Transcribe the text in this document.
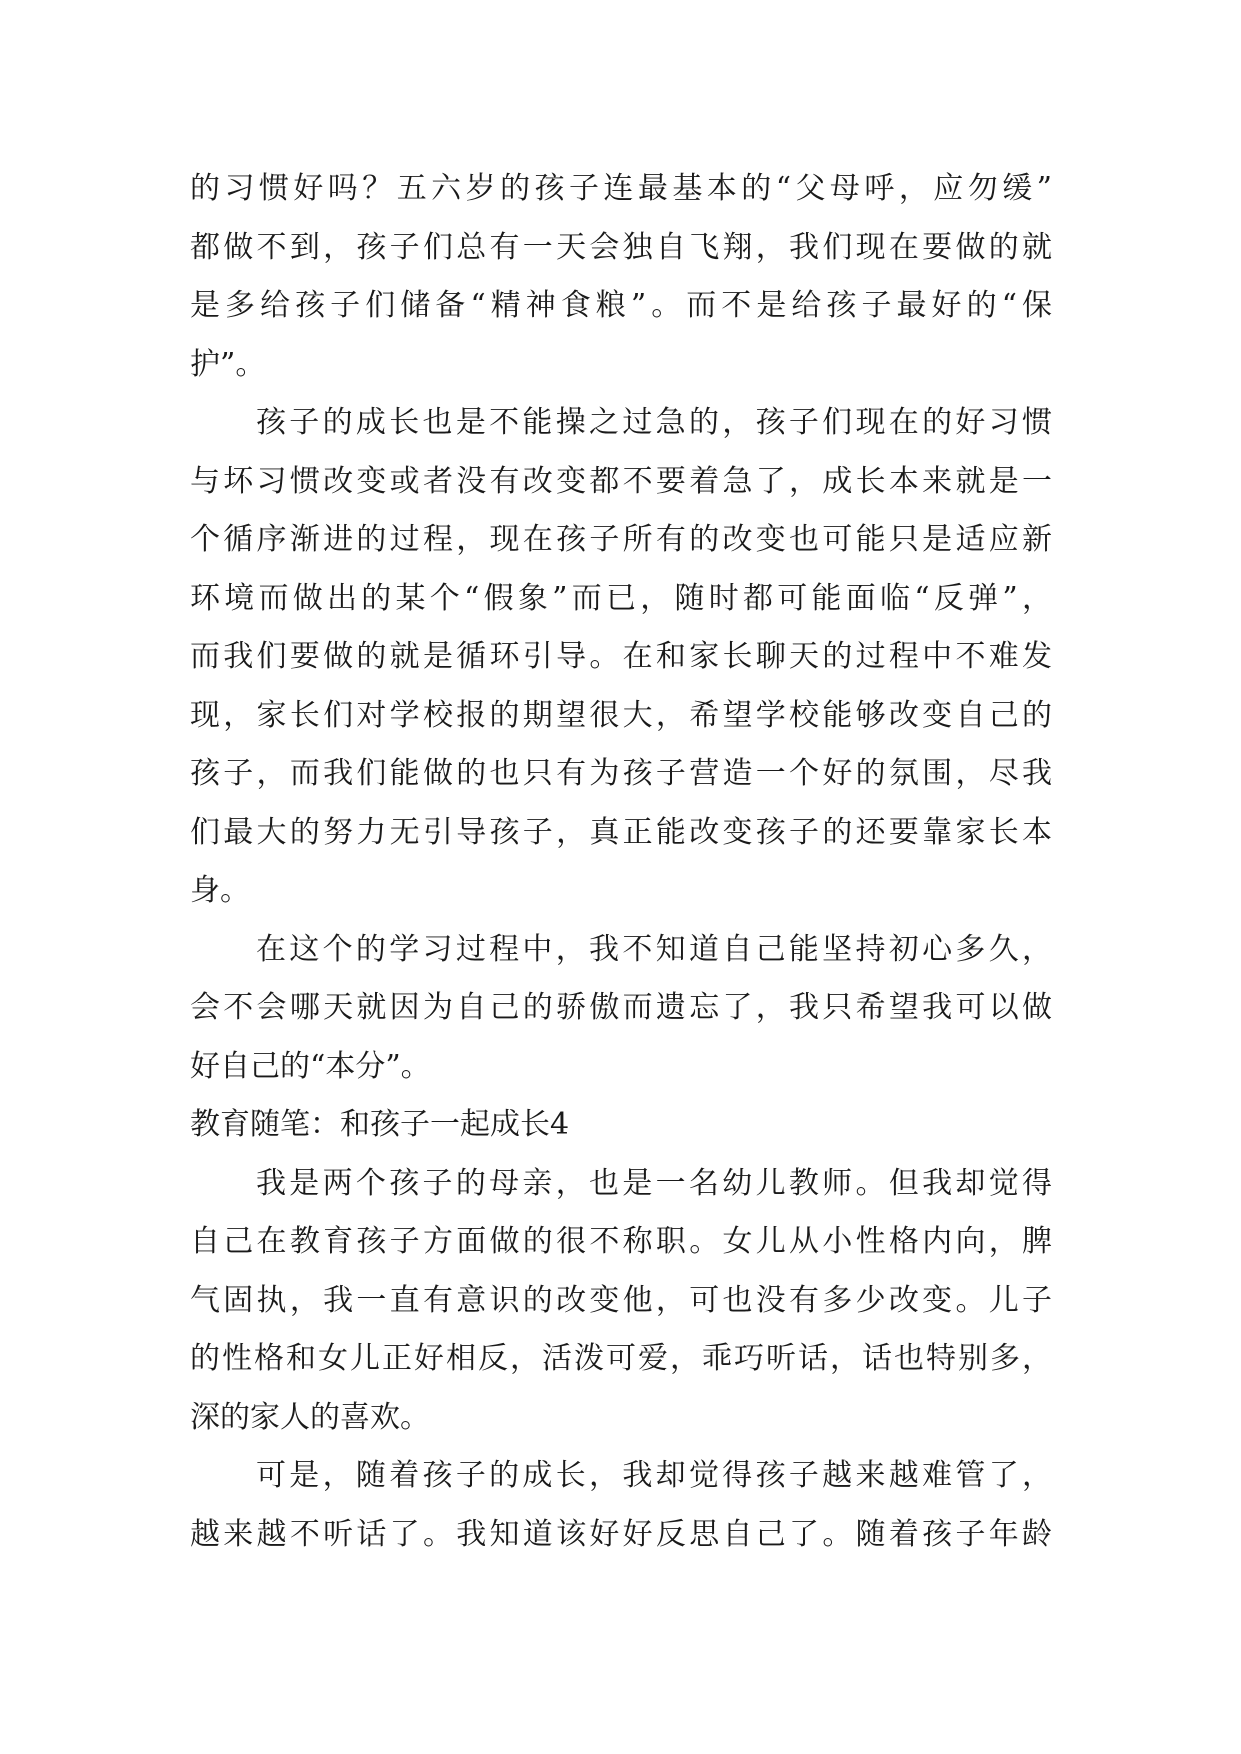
的习惯好吗？五六岁的孩子连最基本的“父母呼，应勿缓”
都做不到，孩子们总有一天会独自飞翔，我们现在要做的就
是多给孩子们储备“精神食粮”。而不是给孩子最好的“保
护”。
孩子的成长也是不能操之过急的，孩子们现在的好习惯
与坏习惯改变或者没有改变都不要着急了，成长本来就是一
个循序渐进的过程，现在孩子所有的改变也可能只是适应新
环境而做出的某个“假象”而已，随时都可能面临“反弹”，
而我们要做的就是循环引导。在和家长聊天的过程中不难发
现，家长们对学校报的期望很大，希望学校能够改变自己的
孩子，而我们能做的也只有为孩子营造一个好的氛围，尽我
们最大的努力无引导孩子，真正能改变孩子的还要靠家长本
身。
在这个的学习过程中，我不知道自己能坚持初心多久，
会不会哪天就因为自己的骄傲而遗忘了，我只希望我可以做
好自己的“本分”。
教育随笔：和孩子一起成长4
我是两个孩子的母亲，也是一名幼儿教师。但我却觉得
自己在教育孩子方面做的很不称职。女儿从小性格内向，脾
气固执，我一直有意识的改变他，可也没有多少改变。儿子
的性格和女儿正好相反，活泼可爱，乖巧听话，话也特别多，
深的家人的喜欢。
可是，随着孩子的成长，我却觉得孩子越来越难管了，
越来越不听话了。我知道该好好反思自己了。随着孩子年龄
